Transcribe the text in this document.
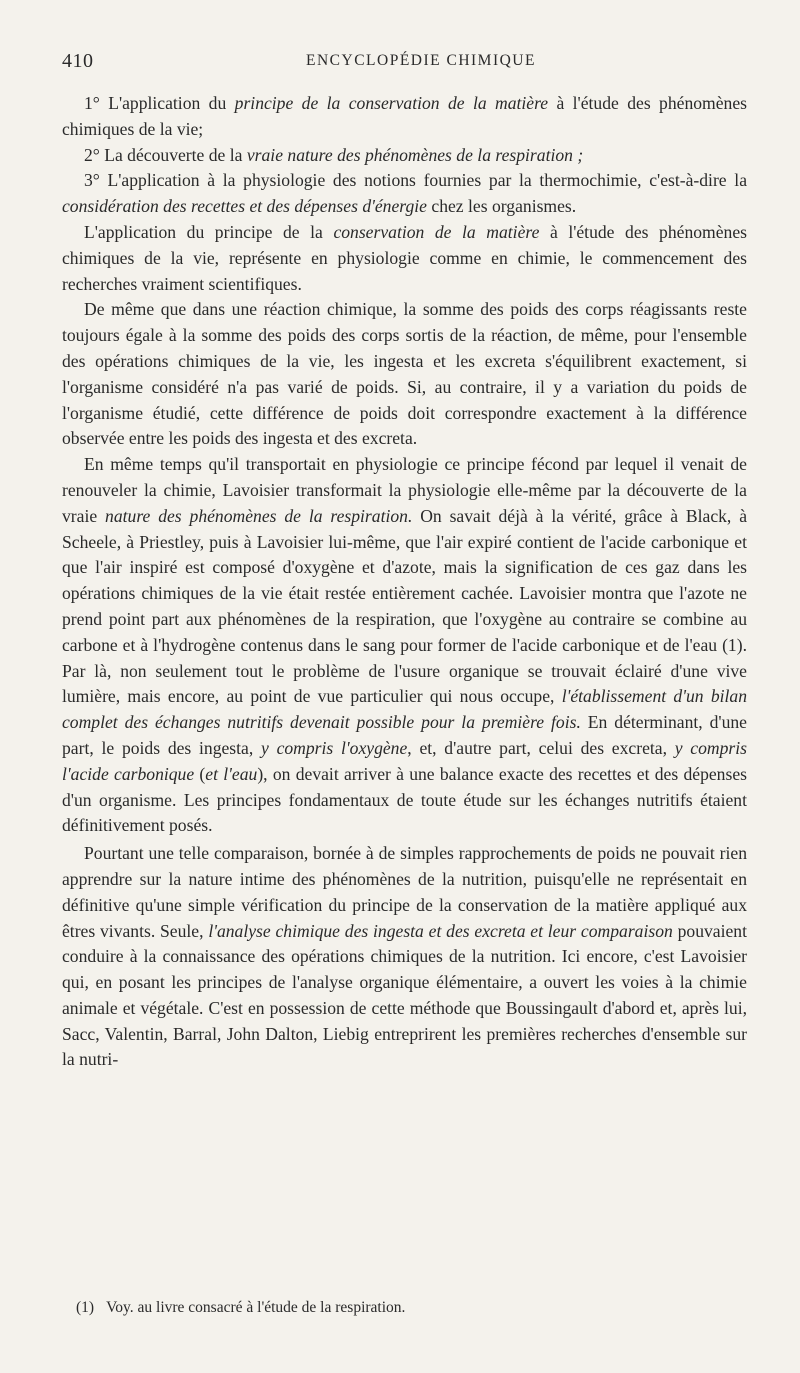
410	ENCYCLOPÉDIE CHIMIQUE

1° L'application du principe de la conservation de la matière à l'étude des phénomènes chimiques de la vie;

2° La découverte de la vraie nature des phénomènes de la respiration ;

3° L'application à la physiologie des notions fournies par la thermochimie, c'est-à-dire la considération des recettes et des dépenses d'énergie chez les organismes.

L'application du principe de la conservation de la matière à l'étude des phénomènes chimiques de la vie, représente en physiologie comme en chimie, le commencement des recherches vraiment scientifiques.

De même que dans une réaction chimique, la somme des poids des corps réagissants reste toujours égale à la somme des poids des corps sortis de la réaction, de même, pour l'ensemble des opérations chimiques de la vie, les ingesta et les excreta s'équilibrent exactement, si l'organisme considéré n'a pas varié de poids. Si, au contraire, il y a variation du poids de l'organisme étudié, cette différence de poids doit correspondre exactement à la différence observée entre les poids des ingesta et des excreta.

En même temps qu'il transportait en physiologie ce principe fécond par lequel il venait de renouveler la chimie, Lavoisier transformait la physiologie elle-même par la découverte de la vraie nature des phénomènes de la respiration. On savait déjà à la vérité, grâce à Black, à Scheele, à Priestley, puis à Lavoisier lui-même, que l'air expiré contient de l'acide carbonique et que l'air inspiré est composé d'oxygène et d'azote, mais la signification de ces gaz dans les opérations chimiques de la vie était restée entièrement cachée. Lavoisier montra que l'azote ne prend point part aux phénomènes de la respiration, que l'oxygène au contraire se combine au carbone et à l'hydrogène contenus dans le sang pour former de l'acide carbonique et de l'eau (1). Par là, non seulement tout le problème de l'usure organique se trouvait éclairé d'une vive lumière, mais encore, au point de vue particulier qui nous occupe, l'établissement d'un bilan complet des échanges nutritifs devenait possible pour la première fois. En déterminant, d'une part, le poids des ingesta, y compris l'oxygène, et, d'autre part, celui des excreta, y compris l'acide carbonique (et l'eau), on devait arriver à une balance exacte des recettes et des dépenses d'un organisme. Les principes fondamentaux de toute étude sur les échanges nutritifs étaient définitivement posés.

Pourtant une telle comparaison, bornée à de simples rapprochements de poids ne pouvait rien apprendre sur la nature intime des phénomènes de la nutrition, puisqu'elle ne représentait en définitive qu'une simple vérification du principe de la conservation de la matière appliqué aux êtres vivants. Seule, l'analyse chimique des ingesta et des excreta et leur comparaison pouvaient conduire à la connaissance des opérations chimiques de la nutrition. Ici encore, c'est Lavoisier qui, en posant les principes de l'analyse organique élémentaire, a ouvert les voies à la chimie animale et végétale. C'est en possession de cette méthode que Boussingault d'abord et, après lui, Sacc, Valentin, Barral, John Dalton, Liebig entreprirent les premières recherches d'ensemble sur la nutri-

(1) Voy. au livre consacré à l'étude de la respiration.
